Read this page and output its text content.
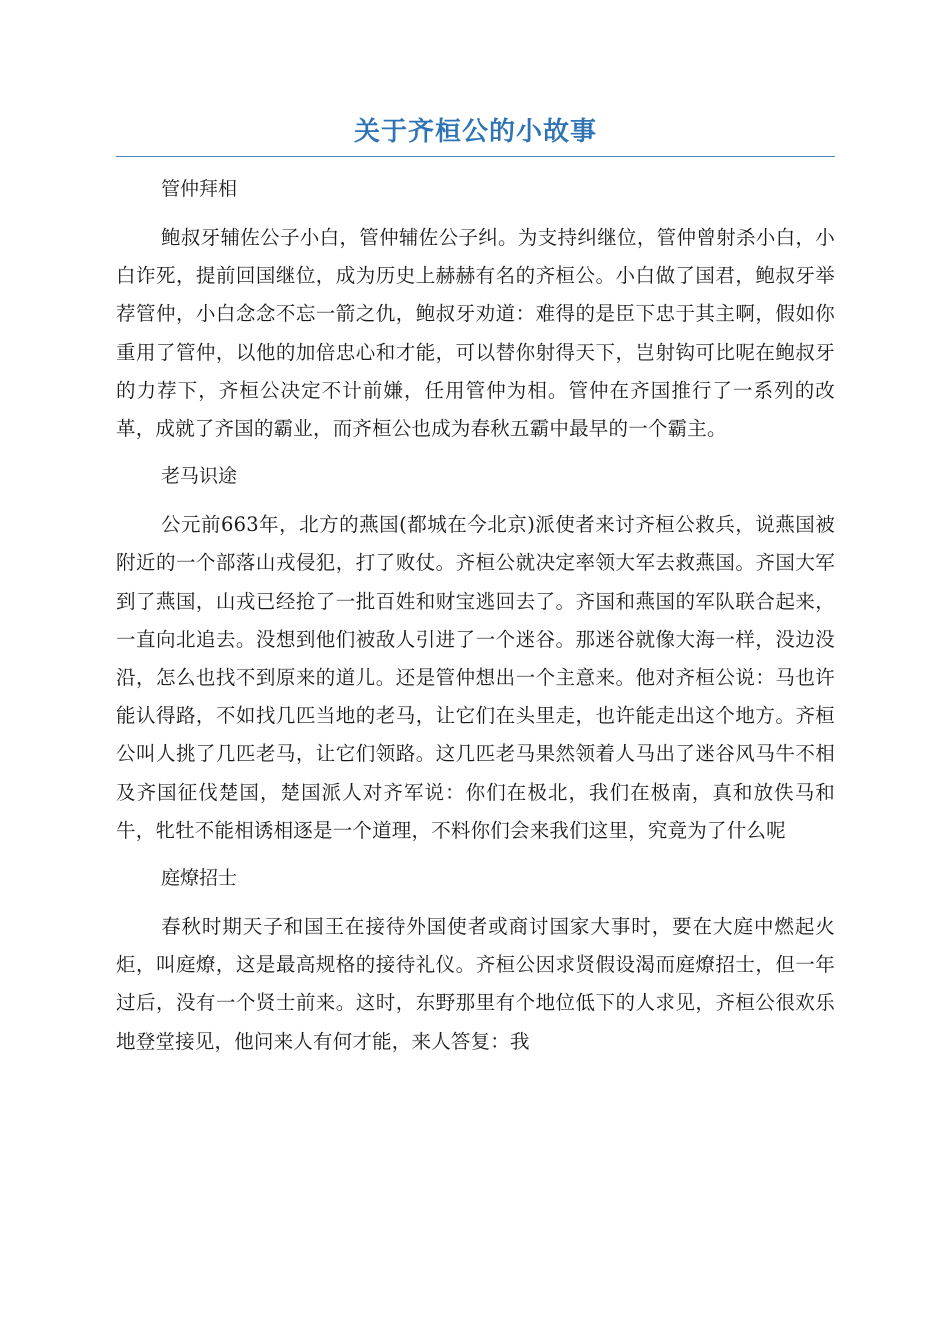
关于齐桓公的小故事
管仲拜相

鲍叔牙辅佐公子小白，管仲辅佐公子纠。为支持纠继位，管仲曾射杀小白，小白诈死，提前回国继位，成为历史上赫赫有名的齐桓公。小白做了国君，鲍叔牙举荐管仲，小白念念不忘一箭之仇，鲍叔牙劝道：难得的是臣下忠于其主啊，假如你重用了管仲，以他的加倍忠心和才能，可以替你射得天下，岂射钩可比呢在鲍叔牙的力荐下，齐桓公决定不计前嫌，任用管仲为相。管仲在齐国推行了一系列的改革，成就了齐国的霸业，而齐桓公也成为春秋五霸中最早的一个霸主。

老马识途

公元前663年，北方的燕国(都城在今北京)派使者来讨齐桓公救兵，说燕国被附近的一个部落山戎侵犯，打了败仗。齐桓公就决定率领大军去救燕国。齐国大军到了燕国，山戎已经抢了一批百姓和财宝逃回去了。齐国和燕国的军队联合起来，一直向北追去。没想到他们被敌人引进了一个迷谷。那迷谷就像大海一样，没边没沿，怎么也找不到原来的道儿。还是管仲想出一个主意来。他对齐桓公说：马也许能认得路，不如找几匹当地的老马，让它们在头里走，也许能走出这个地方。齐桓公叫人挑了几匹老马，让它们领路。这几匹老马果然领着人马出了迷谷风马牛不相及齐国征伐楚国，楚国派人对齐军说：你们在极北，我们在极南，真和放佚马和牛，牝牡不能相诱相逐是一个道理，不料你们会来我们这里，究竟为了什么呢

庭燎招士

春秋时期天子和国王在接待外国使者或商讨国家大事时，要在大庭中燃起火炬，叫庭燎，这是最高规格的接待礼仪。齐桓公因求贤假设渴而庭燎招士，但一年过后，没有一个贤士前来。这时，东野那里有个地位低下的人求见，齐桓公很欢乐地登堂接见，他问来人有何才能，来人答复：我
